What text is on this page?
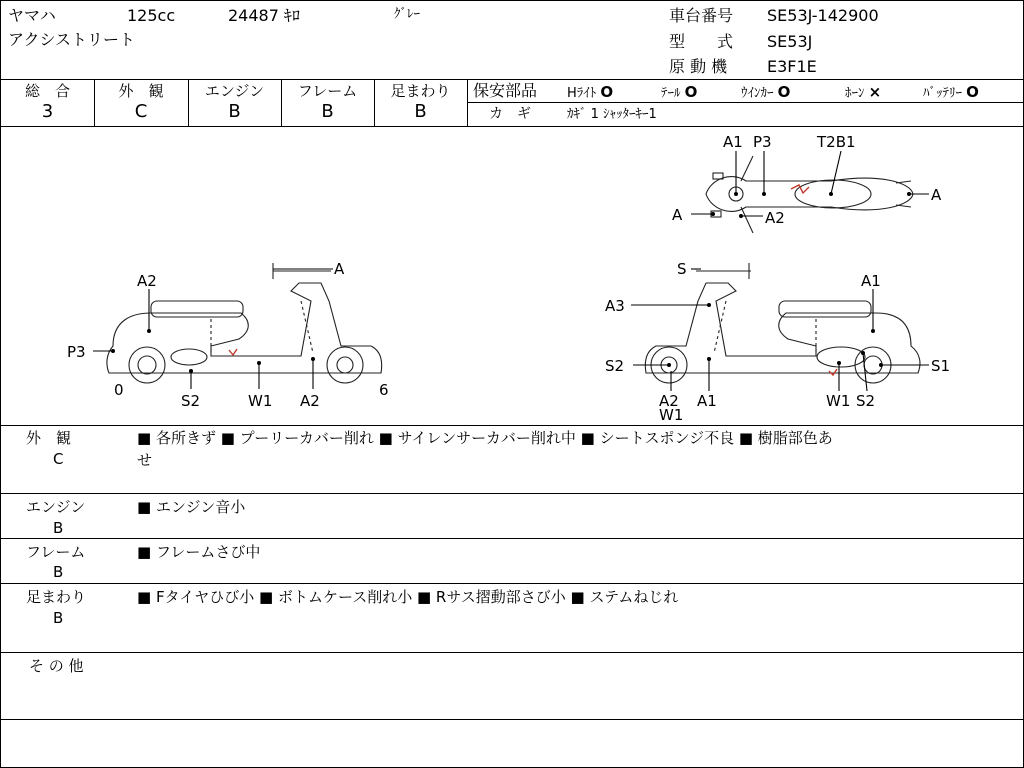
ヤマハ	125cc	24487 ｷﾛ	ｸﾞﾚｰ
アクシストリート
車台番号 SE53J-142900
型　　式 SE53J
原 動 機 E3F1E
総　合
3
外　観
C
エンジン
B
フレーム
B
足まわり
B
保安部品 Hﾗｲﾄ O	ﾃｰﾙ O	ｳｲﾝｶｰ O	ﾎｰﾝ ×	ﾊﾞｯﾃﾘｰ O
カ　ギ	ｶｷﾞ 1 ｼｬｯﾀｰｷｰ1
A1 P3	T2B1
A
A	A2
A
A2
P3
0
S2	W1 A2
6
S
A1
A3
S2
A2
W1
A1	W1 S2
S1
外　観
C
■ 各所きず ■ プーリーカバー削れ ■ サイレンサーカバー削れ中 ■ シートスポンジ不良 ■ 樹脂部色あ
せ
エンジン
B
■ エンジン音小
フレーム
B
■ フレームさび中
足まわり
B
■ Fタイヤひび小 ■ ボトムケース削れ小 ■ Rサス摺動部さび小 ■ ステムねじれ
そ の 他
